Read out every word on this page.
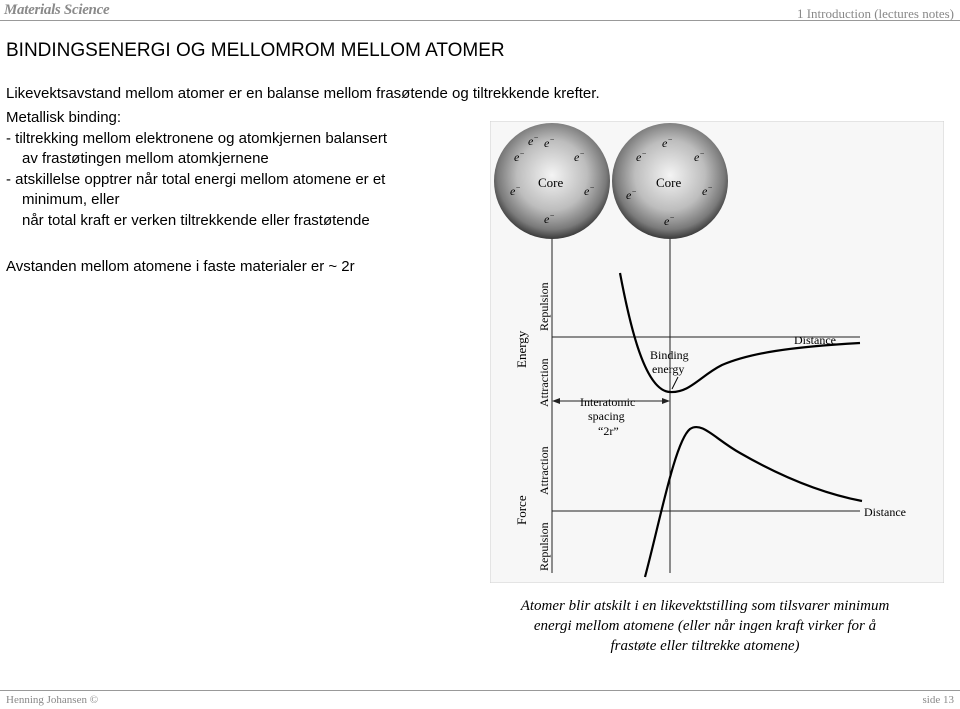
Materials Science	1 Introduction (lectures notes)
BINDINGSENERGI OG MELLOMROM MELLOM ATOMER
Likevektsavstand mellom atomer er en balanse mellom frasøtende og tiltrekkende krefter.
Metallisk binding:
- tiltrekking mellom elektronene og atomkjernen balansert
av frastøtingen mellom atomkjernene
- atskillelse opptrer når total energi mellom atomene er et
minimum, eller
når total kraft er verken tiltrekkende eller frastøtende
Avstanden mellom atomene i faste materialer er ~ 2r
Core
e− e−
e−	e−
e−	e−
e−
Core
e−
e−	e−
e−	e−
e−
Energy
Repulsion
Attraction
Distance
Binding
energy
Interatomic
spacing
“2r”
Force
Attraction
Repulsion
Distance
Atomer blir atskilt i en likevektstilling som tilsvarer minimum
energi mellom atomene (eller når ingen kraft virker for å
frastøte eller tiltrekke atomene)
Henning Johansen ©	side 13
